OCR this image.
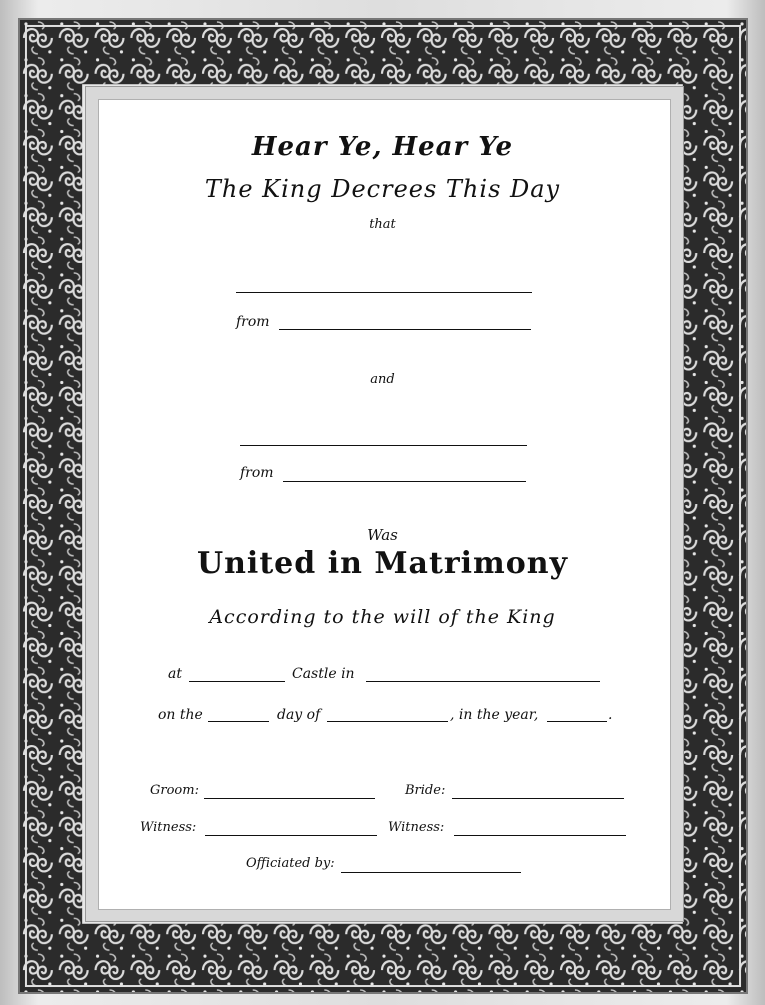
Hear Ye, Hear Ye
The King Decrees This Day
that
from
and
from
Was
United in Matrimony
According to the will of the King
at	Castle in
on the	day of	, in the year,	.
Groom:	Bride:
Witness:	Witness:
Officiated by:
